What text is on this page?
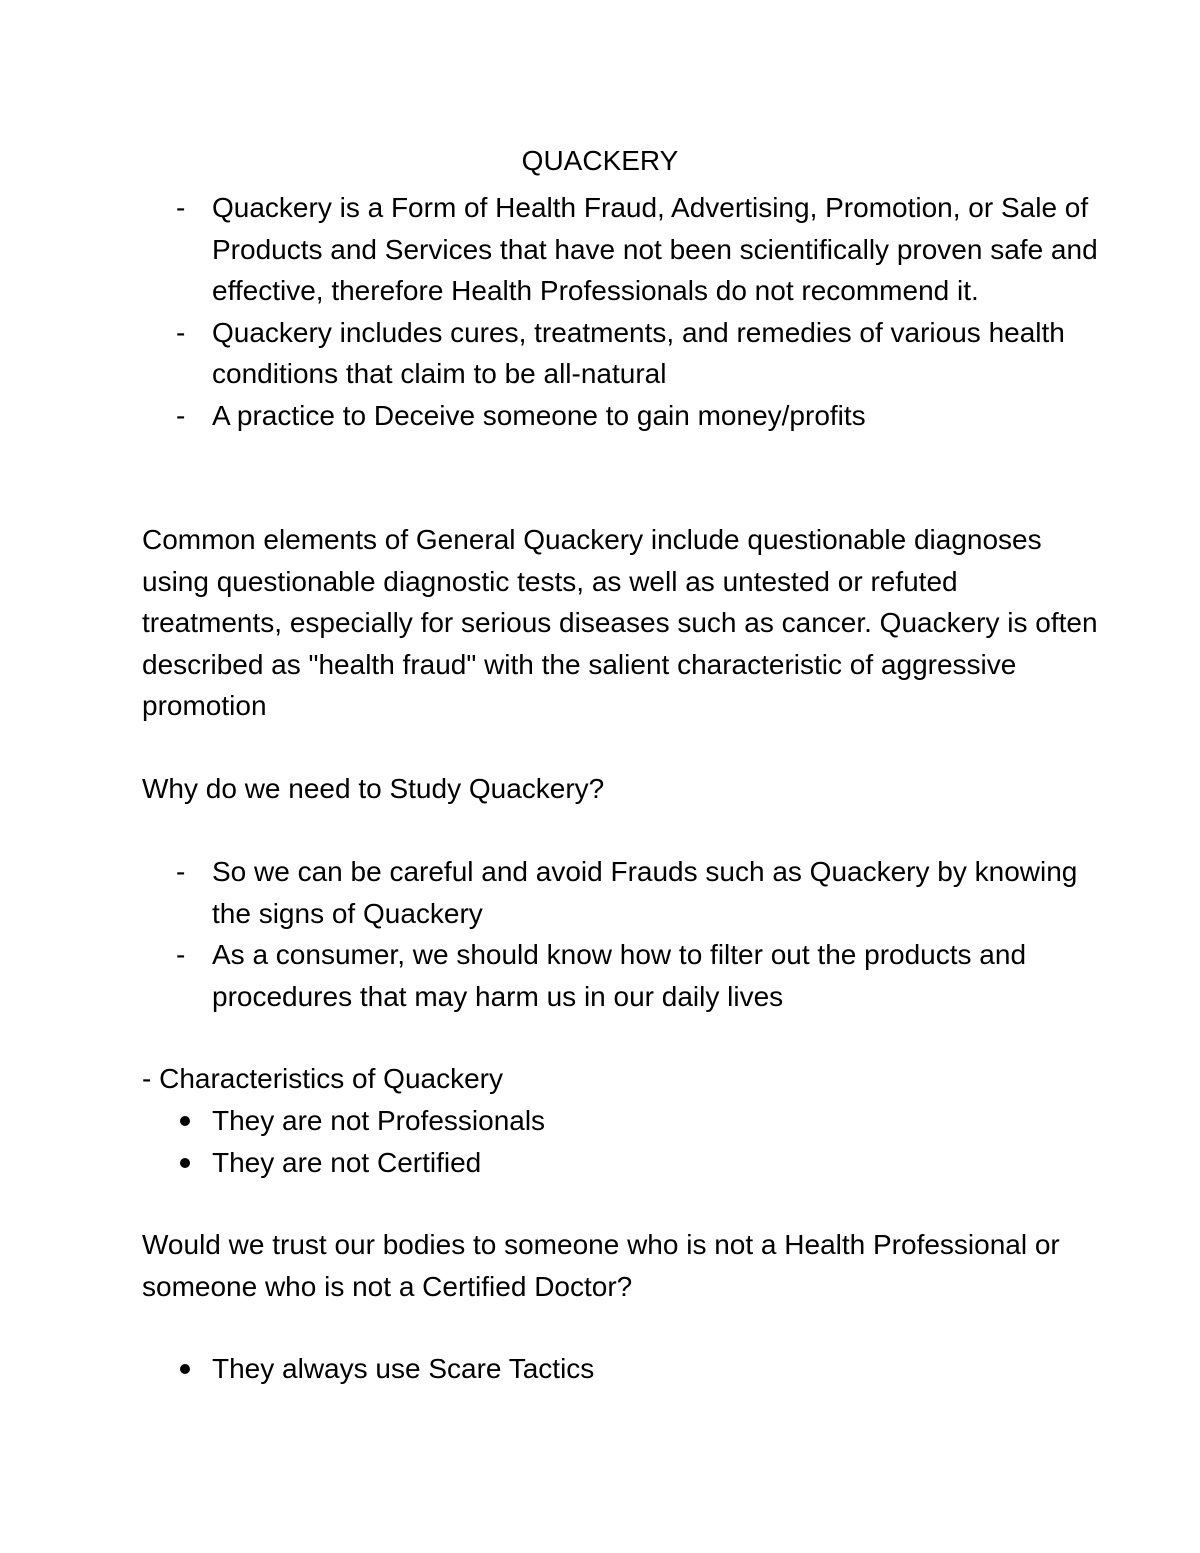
QUACKERY
- Quackery is a Form of Health Fraud, Advertising, Promotion, or Sale of Products and Services that have not been scientifically proven safe and effective, therefore Health Professionals do not recommend it.
- Quackery includes cures, treatments, and remedies of various health conditions that claim to be all-natural
- A practice to Deceive someone to gain money/profits
Common elements of General Quackery include questionable diagnoses using questionable diagnostic tests, as well as untested or refuted treatments, especially for serious diseases such as cancer. Quackery is often described as "health fraud" with the salient characteristic of aggressive promotion
Why do we need to Study Quackery?
- So we can be careful and avoid Frauds such as Quackery by knowing the signs of Quackery
- As a consumer, we should know how to filter out the products and procedures that may harm us in our daily lives
- Characteristics of Quackery
They are not Professionals
They are not Certified
Would we trust our bodies to someone who is not a Health Professional or someone who is not a Certified Doctor?
They always use Scare Tactics
